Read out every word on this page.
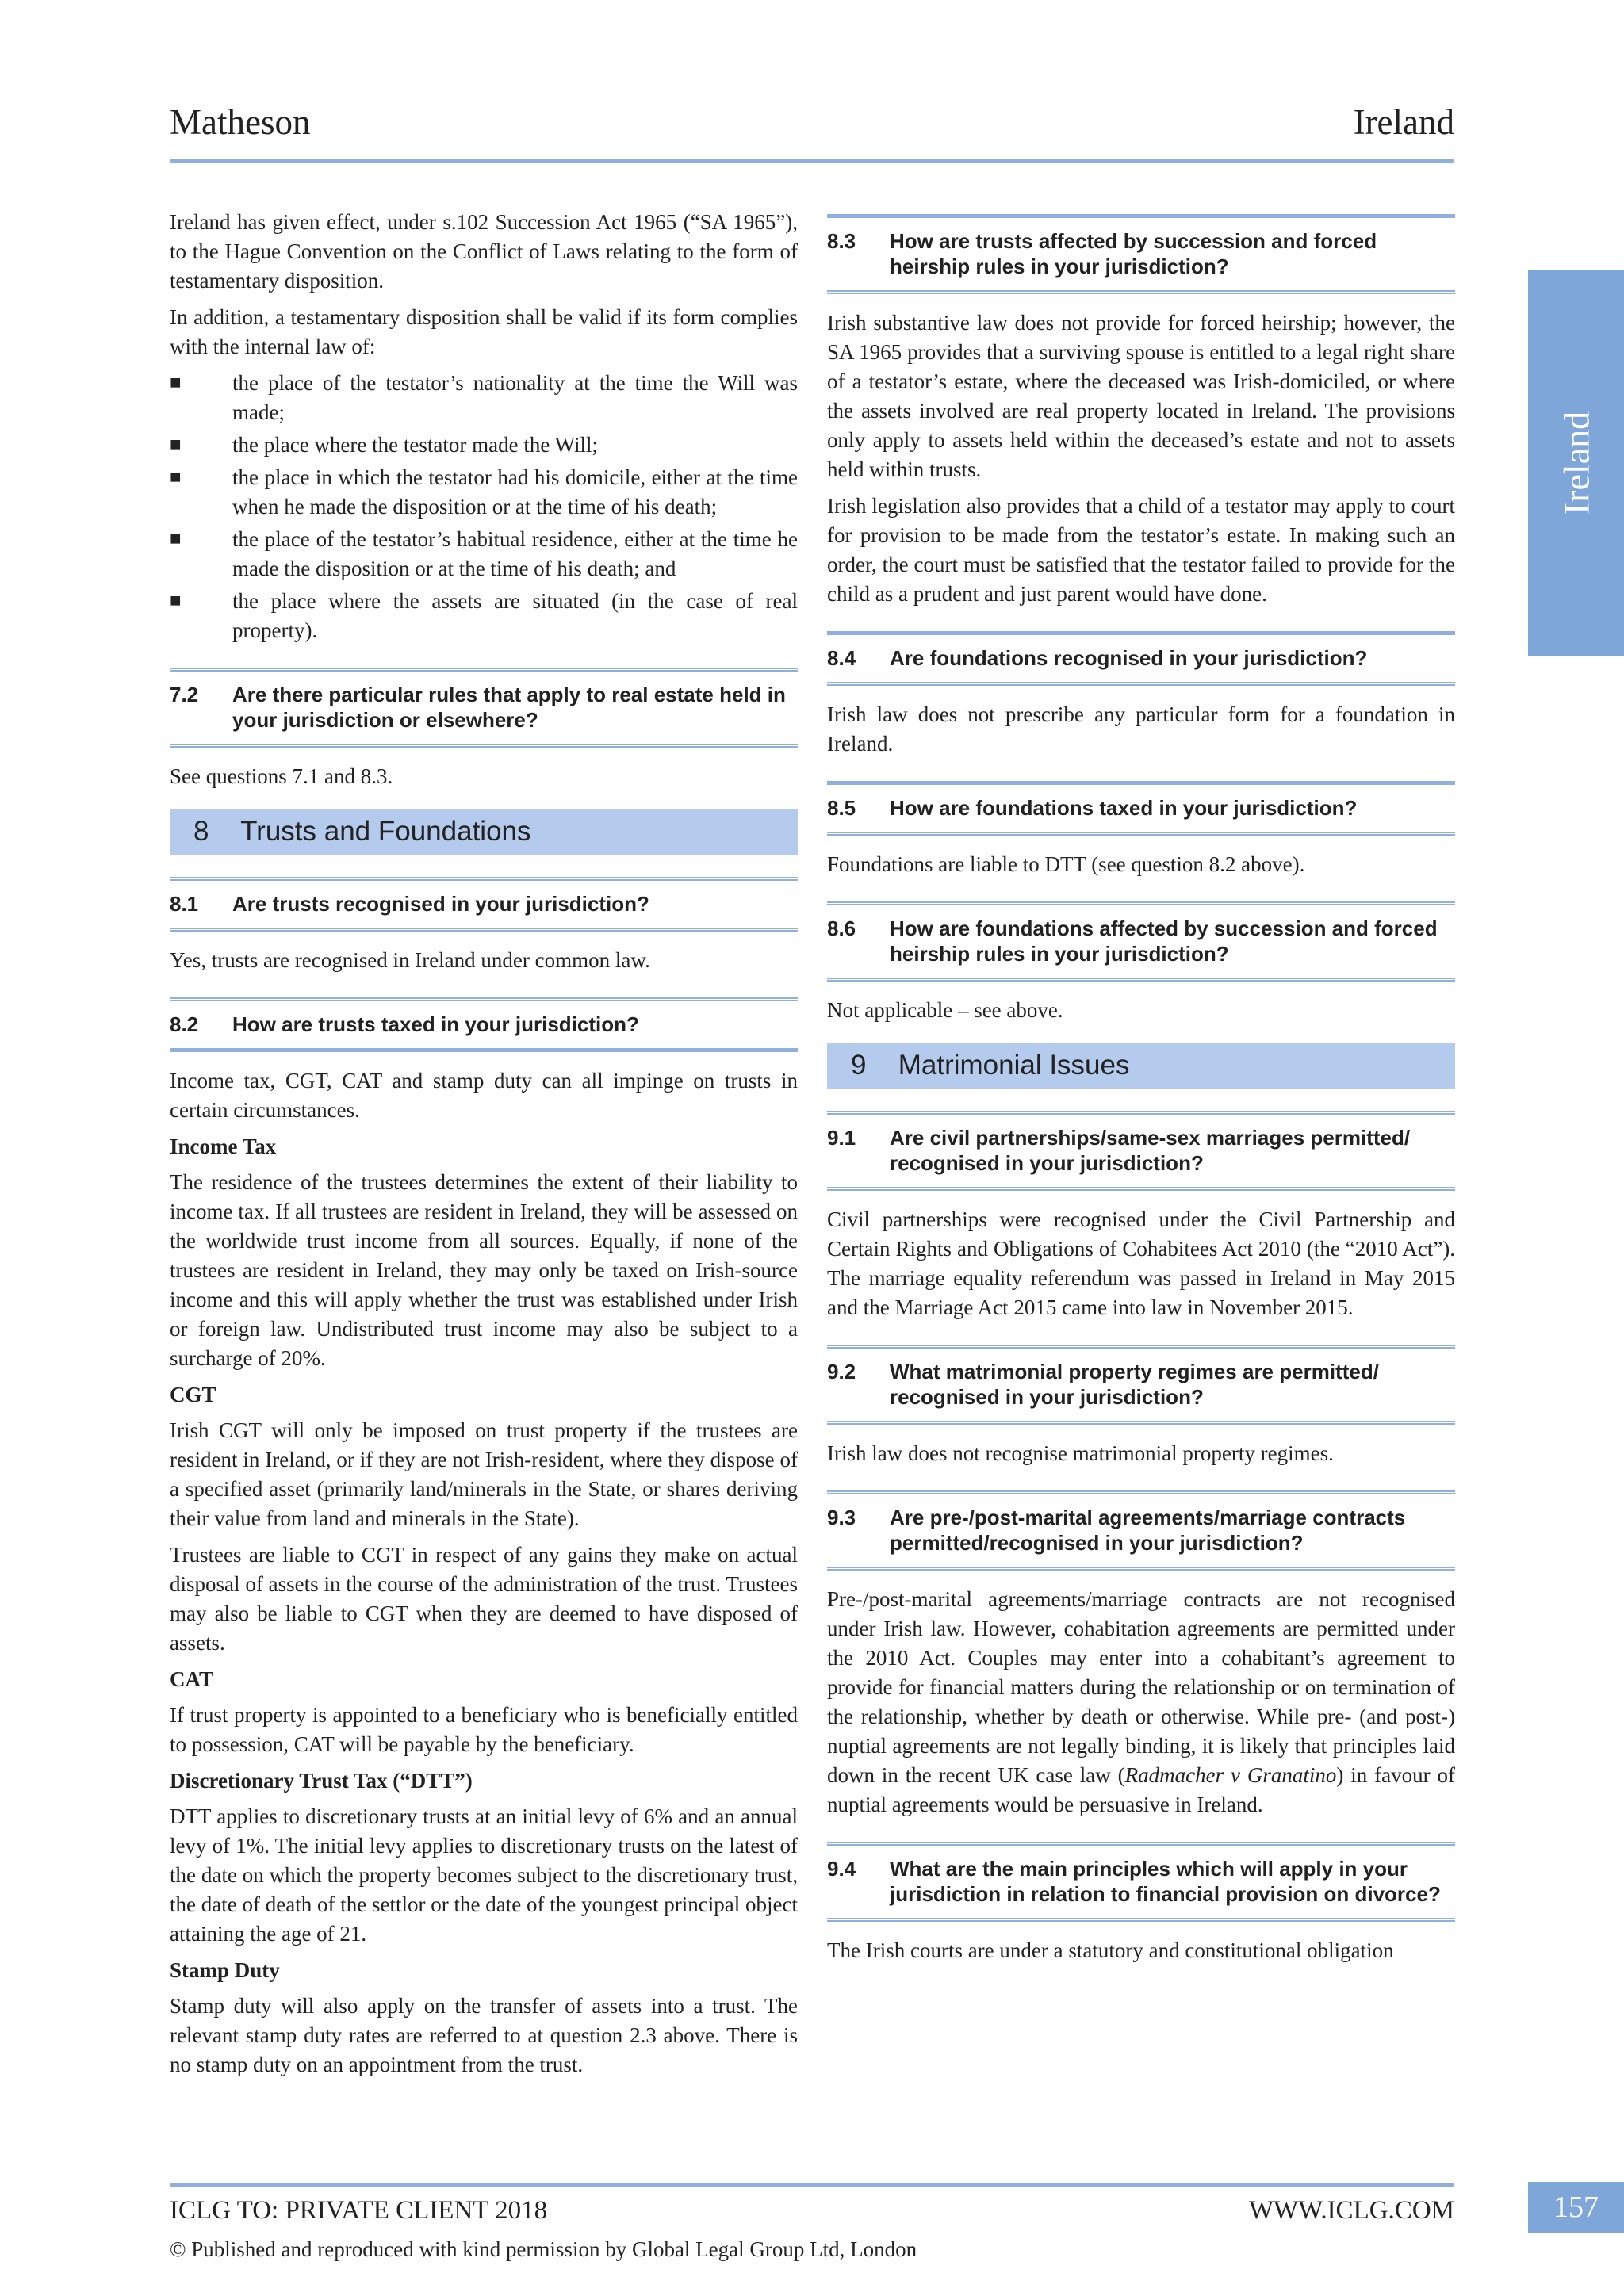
Matheson	Ireland
Ireland

Ireland has given effect, under s.102 Succession Act 1965 (“SA 1965”), to the Hague Convention on the Conflict of Laws relating to the form of testamentary disposition.

In addition, a testamentary disposition shall be valid if its form complies with the internal law of:

■ the place of the testator’s nationality at the time the Will was made;
■ the place where the testator made the Will;
■ the place in which the testator had his domicile, either at the time when he made the disposition or at the time of his death;
■ the place of the testator’s habitual residence, either at the time he made the disposition or at the time of his death; and
■ the place where the assets are situated (in the case of real property).
7.2	Are there particular rules that apply to real estate held in your jurisdiction or elsewhere?

See questions 7.1 and 8.3.

8 Trusts and Foundations
8.1	Are trusts recognised in your jurisdiction?

Yes, trusts are recognised in Ireland under common law.

8.2	How are trusts taxed in your jurisdiction?

Income tax, CGT, CAT and stamp duty can all impinge on trusts in certain circumstances.

Income Tax

The residence of the trustees determines the extent of their liability to income tax. If all trustees are resident in Ireland, they will be assessed on the worldwide trust income from all sources. Equally, if none of the trustees are resident in Ireland, they may only be taxed on Irish-source income and this will apply whether the trust was established under Irish or foreign law. Undistributed trust income may also be subject to a surcharge of 20%.

CGT

Irish CGT will only be imposed on trust property if the trustees are resident in Ireland, or if they are not Irish-resident, where they dispose of a specified asset (primarily land/minerals in the State, or shares deriving their value from land and minerals in the State).

Trustees are liable to CGT in respect of any gains they make on actual disposal of assets in the course of the administration of the trust. Trustees may also be liable to CGT when they are deemed to have disposed of assets.

CAT

If trust property is appointed to a beneficiary who is beneficially entitled to possession, CAT will be payable by the beneficiary.

Discretionary Trust Tax (“DTT”)

DTT applies to discretionary trusts at an initial levy of 6% and an annual levy of 1%. The initial levy applies to discretionary trusts on the latest of the date on which the property becomes subject to the discretionary trust, the date of death of the settlor or the date of the youngest principal object attaining the age of 21.

Stamp Duty

Stamp duty will also apply on the transfer of assets into a trust. The relevant stamp duty rates are referred to at question 2.3 above. There is no stamp duty on an appointment from the trust.

8.3	How are trusts affected by succession and forced heirship rules in your jurisdiction?

Irish substantive law does not provide for forced heirship; however, the SA 1965 provides that a surviving spouse is entitled to a legal right share of a testator’s estate, where the deceased was Irish-domiciled, or where the assets involved are real property located in Ireland. The provisions only apply to assets held within the deceased’s estate and not to assets held within trusts.

Irish legislation also provides that a child of a testator may apply to court for provision to be made from the testator’s estate. In making such an order, the court must be satisfied that the testator failed to provide for the child as a prudent and just parent would have done.

8.4	Are foundations recognised in your jurisdiction?

Irish law does not prescribe any particular form for a foundation in Ireland.

8.5	How are foundations taxed in your jurisdiction?

Foundations are liable to DTT (see question 8.2 above).

8.6	How are foundations affected by succession and forced heirship rules in your jurisdiction?

Not applicable – see above.

9 Matrimonial Issues
9.1	Are civil partnerships/same-sex marriages permitted/ recognised in your jurisdiction?

Civil partnerships were recognised under the Civil Partnership and Certain Rights and Obligations of Cohabitees Act 2010 (the “2010 Act”). The marriage equality referendum was passed in Ireland in May 2015 and the Marriage Act 2015 came into law in November 2015.

9.2	What matrimonial property regimes are permitted/ recognised in your jurisdiction?

Irish law does not recognise matrimonial property regimes.

9.3	Are pre-/post-marital agreements/marriage contracts permitted/recognised in your jurisdiction?

Pre-/post-marital agreements/marriage contracts are not recognised under Irish law. However, cohabitation agreements are permitted under the 2010 Act. Couples may enter into a cohabitant’s agreement to provide for financial matters during the relationship or on termination of the relationship, whether by death or otherwise. While pre- (and post-) nuptial agreements are not legally binding, it is likely that principles laid down in the recent UK case law (Radmacher v Granatino) in favour of nuptial agreements would be persuasive in Ireland.

9.4	What are the main principles which will apply in your jurisdiction in relation to financial provision on divorce?

The Irish courts are under a statutory and constitutional obligation

ICLG TO: PRIVATE CLIENT 2018	WWW.ICLG.COM	157
© Published and reproduced with kind permission by Global Legal Group Ltd, London
